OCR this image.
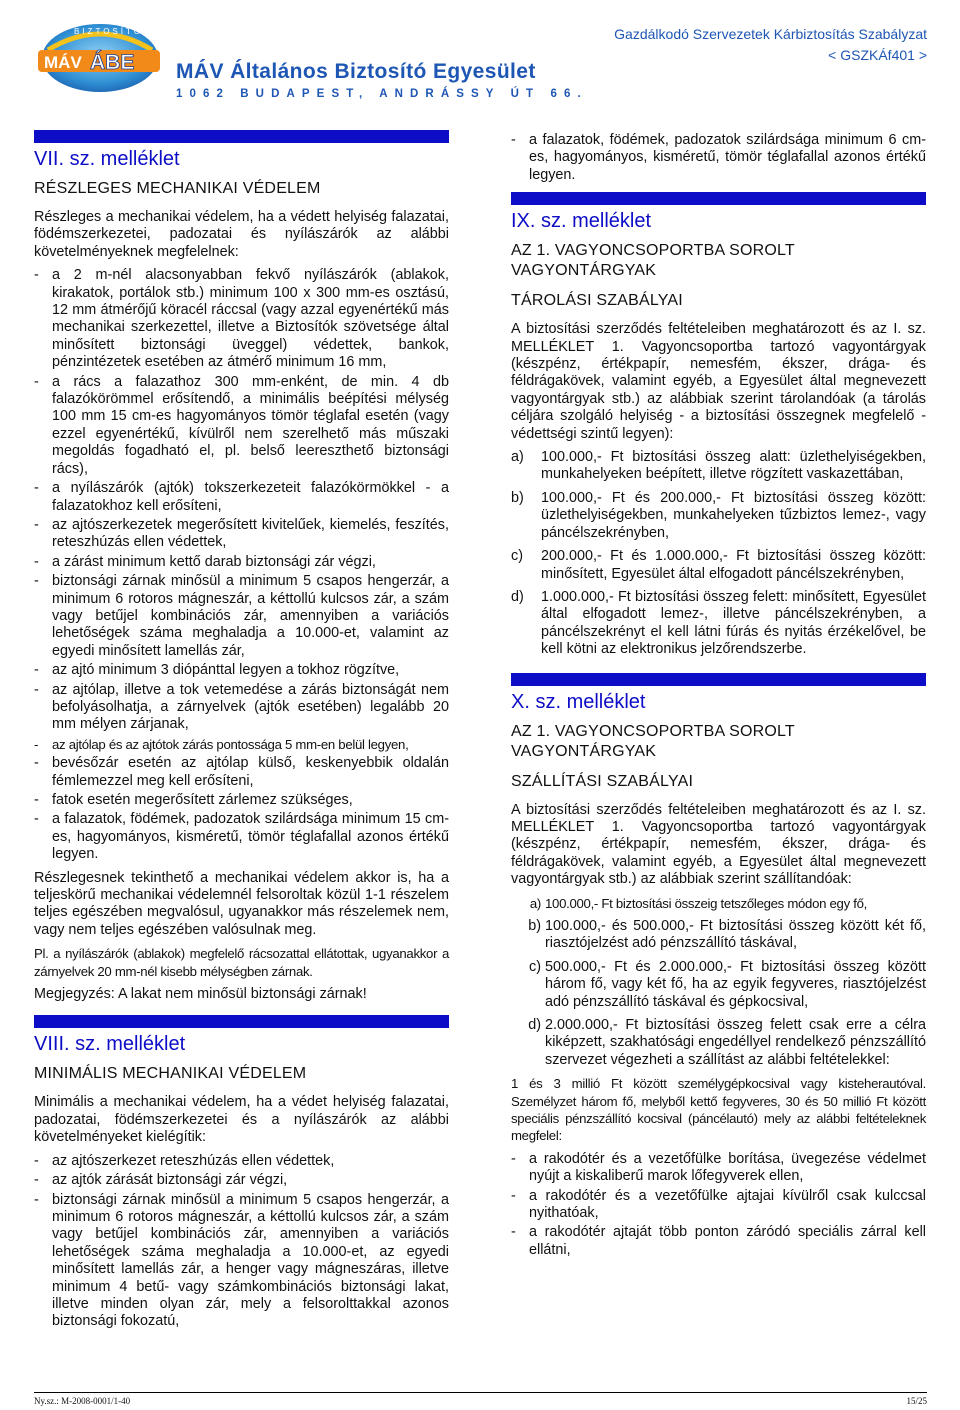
MÁV ÁBE
BIZTOSÍTÓ
MÁV Általános Biztosító Egyesület
1062 BUDAPEST, ANDRÁSSY ÚT 66.
Gazdálkodó Szervezetek Kárbiztosítás Szabályzat
< GSZKÁf401 >
VII. sz. melléklet
RÉSZLEGES MECHANIKAI VÉDELEM

Részleges a mechanikai védelem, ha a védett helyiség falazatai, födémszerkezetei, padozatai és nyílászárók az alábbi követelményeknek megfelelnek:

- a 2 m-nél alacsonyabban fekvő nyílászárók (ablakok, kirakatok, portálok stb.) minimum 100 x 300 mm-es osztású, 12 mm átmérőjű köracél ráccsal (vagy azzal egyenértékű más mechanikai szerkezettel, illetve a Biztosítók szövetsége által minősített biztonsági üveggel) védettek, bankok, pénzintézetek esetében az átmérő minimum 16 mm,
- a rács a falazathoz 300 mm-enként, de min. 4 db falazókörömmel erősítendő, a minimális beépítési mélység 100 mm 15 cm-es hagyományos tömör téglafal esetén (vagy ezzel egyenértékű, kívülről nem szerelhető más műszaki megoldás fogadható el, pl. belső leereszthető biztonsági rács),
- a nyílászárók (ajtók) tokszerkezeteit falazókörmökkel - a falazatokhoz kell erősíteni,
- az ajtószerkezetek megerősített kivitelűek, kiemelés, feszítés, reteszhúzás ellen védettek,
- a zárást minimum kettő darab biztonsági zár végzi,
- biztonsági zárnak minősül a minimum 5 csapos hengerzár, a minimum 6 rotoros mágneszár, a kéttollú kulcsos zár, a szám vagy betűjel kombinációs zár, amennyiben a variációs lehetőségek száma meghaladja a 10.000-et, valamint az egyedi minősített lamellás zár,
- az ajtó minimum 3 diópánttal legyen a tokhoz rögzítve,
- az ajtólap, illetve a tok vetemedése a zárás biztonságát nem befolyásolhatja, a zárnyelvek (ajtók esetében) legalább 20 mm mélyen zárjanak,
-	az ajtólap és az ajtótok zárás pontossága 5 mm-en belül legyen,
- bevésőzár esetén az ajtólap külső, keskenyebbik oldalán fémlemezzel meg kell erősíteni,
- fatok esetén megerősített zárlemez szükséges,
- a falazatok, födémek, padozatok szilárdsága minimum 15 cm-es, hagyományos, kisméretű, tömör téglafallal azonos értékű legyen.

Részlegesnek tekinthető a mechanikai védelem akkor is, ha a teljeskörű mechanikai védelemnél felsoroltak közül 1-1 részelem teljes egészében megvalósul, ugyanakkor más részelemek nem, vagy nem teljes egészében valósulnak meg.

Pl. a nyílászárók (ablakok) megfelelő rácsozattal ellátottak, ugyanakkor a zárnyelvek 20 mm-nél kisebb mélységben zárnak.

Megjegyzés: A lakat nem minősül biztonsági zárnak!

VIII. sz. melléklet
MINIMÁLIS MECHANIKAI VÉDELEM

Minimális a mechanikai védelem, ha a védet helyiség falazatai, padozatai, födémszerkezetei és a nyílászárók az alábbi követelményeket kielégítik:

- az ajtószerkezet reteszhúzás ellen védettek,
- az ajtók zárását biztonsági zár végzi,
- biztonsági zárnak minősül a minimum 5 csapos hengerzár, a minimum 6 rotoros mágneszár, a kéttollú kulcsos zár, a szám vagy betűjel kombinációs zár, amennyiben a variációs lehetőségek száma meghaladja a 10.000-et, az egyedi minősített lamellás zár, a henger vagy mágneszáras, illetve minimum 4 betű- vagy számkombinációs biztonsági lakat, illetve minden olyan zár, mely a felsorolttakkal azonos biztonsági fokozatú,
- a falazatok, födémek, padozatok szilárdsága minimum 6 cm-es, hagyományos, kisméretű, tömör téglafallal azonos értékű legyen.
IX. sz. melléklet
AZ 1. VAGYONCSOPORTBA SOROLT VAGYONTÁRGYAK
TÁROLÁSI SZABÁLYAI

A biztosítási szerződés feltételeiben meghatározott és az I. sz. MELLÉKLET 1. Vagyoncsoportba tartozó vagyontárgyak (készpénz, értékpapír, nemesfém, ékszer, drága- és féldrágakövek, valamint egyéb, a Egyesület által megnevezett vagyontárgyak stb.) az alábbiak szerint tárolandóak (a tárolás céljára szolgáló helyiség - a biztosítási összegnek megfelelő - védettségi szintű legyen):

a)	100.000,- Ft biztosítási összeg alatt: üzlethelyiségekben, munkahelyeken beépített, illetve rögzített vaskazettában,
b)	100.000,- Ft és 200.000,- Ft biztosítási összeg között: üzlethelyiségekben, munkahelyeken tűzbiztos lemez-, vagy páncélszekrényben,
c)	200.000,- Ft és 1.000.000,- Ft biztosítási összeg között: minősített, Egyesület által elfogadott páncélszekrényben,
d)	1.000.000,- Ft biztosítási összeg felett: minősített, Egyesület által elfogadott lemez-, illetve páncélszekrényben, a páncélszekrényt el kell látni fúrás és nyitás érzékelővel, be kell kötni az elektronikus jelzőrendszerbe.
X. sz. melléklet
AZ 1. VAGYONCSOPORTBA SOROLT VAGYONTÁRGYAK
SZÁLLÍTÁSI SZABÁLYAI

A biztosítási szerződés feltételeiben meghatározott és az I. sz. MELLÉKLET 1. Vagyoncsoportba tartozó vagyontárgyak (készpénz, értékpapír, nemesfém, ékszer, drága- és féldrágakövek, valamint egyéb, a Egyesület által megnevezett vagyontárgyak stb.) az alábbiak szerint szállítandóak:

a) 100.000,- Ft biztosítási összeig tetszőleges módon egy fő,
b) 100.000,- és 500.000,- Ft biztosítási összeg között két fő, riasztójelzést adó pénzszállító táskával,
c) 500.000,- Ft és 2.000.000,- Ft biztosítási összeg között három fő, vagy két fő, ha az egyik fegyveres, riasztójelzést adó pénzszállító táskával és gépkocsival,
d) 2.000.000,- Ft biztosítási összeg felett csak erre a célra kiképzett, szakhatósági engedéllyel rendelkező pénzszállító szervezet végezheti a szállítást az alábbi feltételekkel:

1 és 3 millió Ft között személygépkocsival vagy kisteherautóval. Személyzet három fő, melyből kettő fegyveres, 30 és 50 millió Ft között speciális pénzszállító kocsival (páncélautó) mely az alábbi feltételeknek megfelel:

- a rakodótér és a vezetőfülke borítása, üvegezése védelmet nyújt a kiskaliberű marok lőfegyverek ellen,
- a rakodótér és a vezetőfülke ajtajai kívülről csak kulccsal nyithatóak,
- a rakodótér ajtaját több ponton záródó speciális zárral kell ellátni,
Ny.sz.: M-2008-0001/1-40	15/25
